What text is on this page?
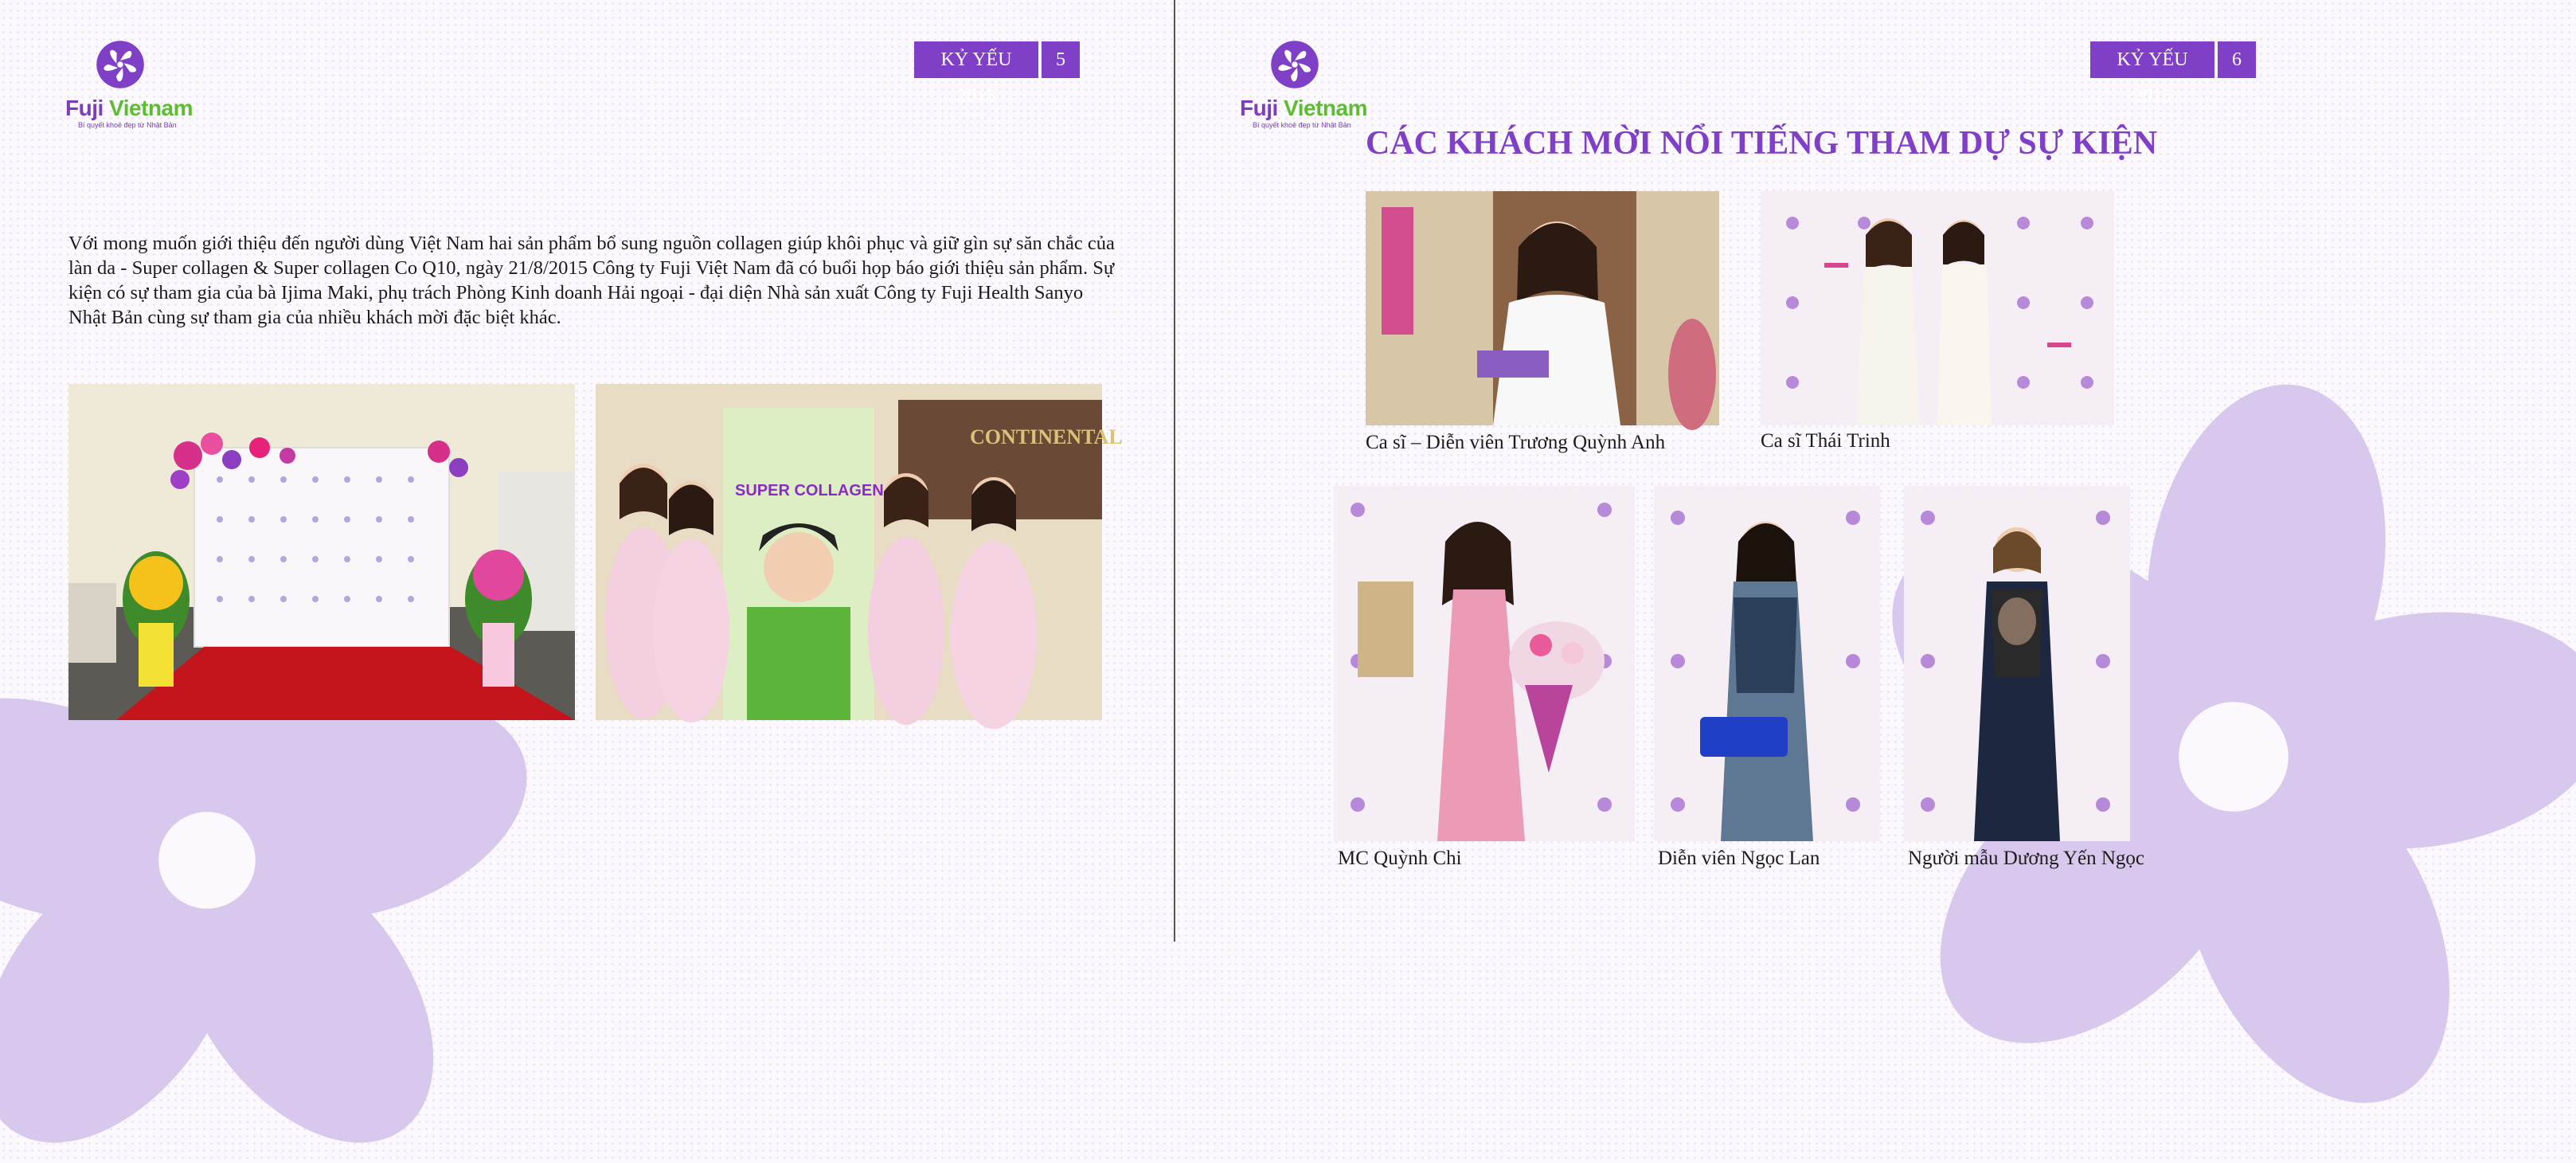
Fuji Vietnam
Bí quyết khoẻ đẹp từ Nhật Bản
KỶ YẾU 2015
5

Với mong muốn giới thiệu đến người dùng Việt Nam hai sản phẩm bổ sung nguồn collagen giúp khôi phục và giữ gìn sự săn chắc của làn da - Super collagen & Super collagen Co Q10, ngày 21/8/2015 Công ty Fuji Việt Nam đã có buổi họp báo giới thiệu sản phẩm. Sự kiện có sự tham gia của bà Ijima Maki, phụ trách Phòng Kinh doanh Hải ngoại - đại diện Nhà sản xuất Công ty Fuji Health Sanyo Nhật Bản cùng sự tham gia của nhiều khách mời đặc biệt khác.

CONTINENTAL
SUPER COLLAGEN
Fuji Vietnam
Bí quyết khoẻ đẹp từ Nhật Bản
KỶ YẾU 2015
6
CÁC KHÁCH MỜI NỔI TIẾNG THAM DỰ SỰ KIỆN
Ca sĩ – Diễn viên Trương Quỳnh Anh	Ca sĩ Thái Trinh
MC Quỳnh Chi	Diễn viên Ngọc Lan	Người mẫu Dương Yến Ngọc
